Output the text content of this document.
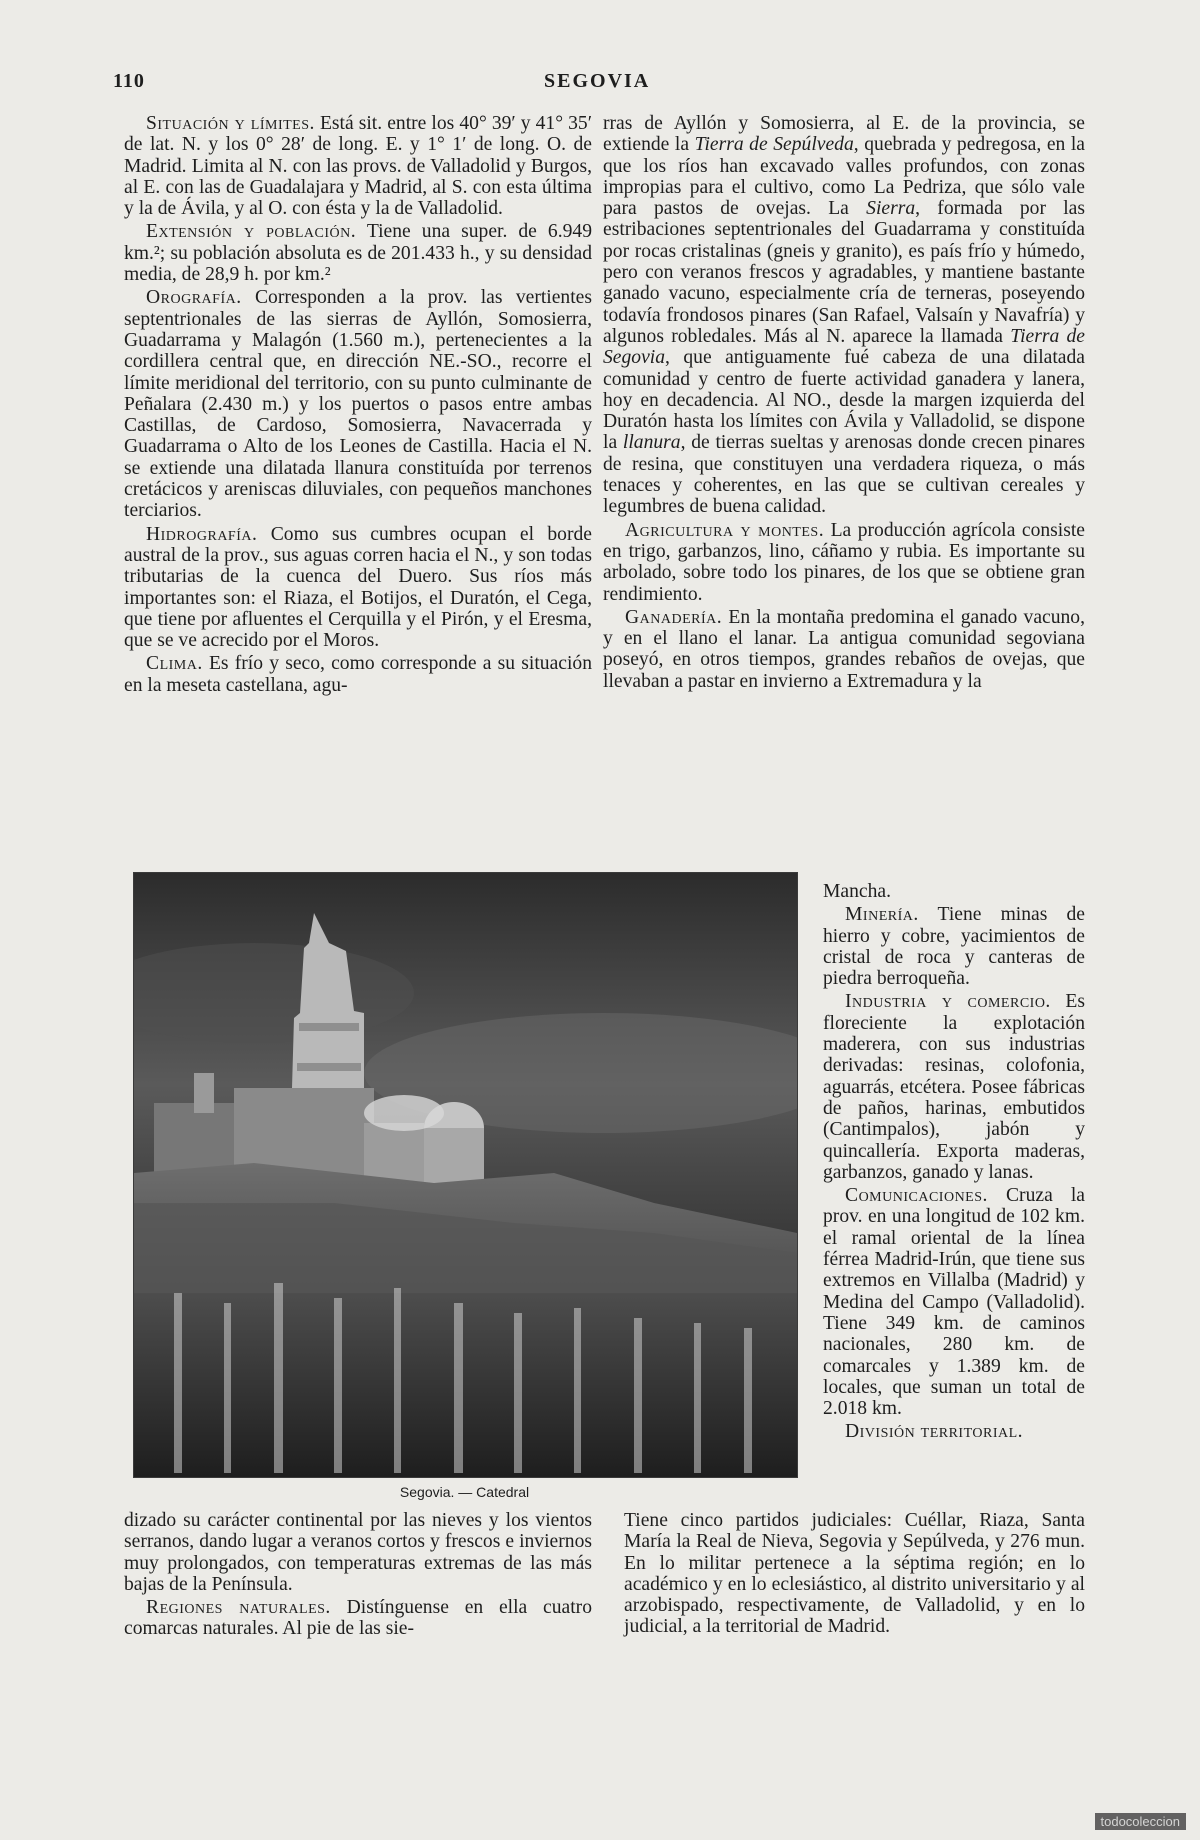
110	SEGOVIA

Situación y límites. Está sit. entre los 40° 39′ y 41° 35′ de lat. N. y los 0° 28′ de long. E. y 1° 1′ de long. O. de Madrid. Limita al N. con las provs. de Valladolid y Burgos, al E. con las de Guadalajara y Madrid, al S. con esta última y la de Ávila, y al O. con ésta y la de Valladolid.

Extensión y población. Tiene una super. de 6.949 km.²; su población absoluta es de 201.433 h., y su densidad media, de 28,9 h. por km.²

Orografía. Corresponden a la prov. las vertientes septentrionales de las sierras de Ayllón, Somosierra, Guadarrama y Malagón (1.560 m.), pertenecientes a la cordillera central que, en dirección NE.-SO., recorre el límite meridional del territorio, con su punto culminante de Peñalara (2.430 m.) y los puertos o pasos entre ambas Castillas, de Cardoso, Somosierra, Navacerrada y Guadarrama o Alto de los Leones de Castilla. Hacia el N. se extiende una dilatada llanura constituída por terrenos cretácicos y areniscas diluviales, con pequeños manchones terciarios.

Hidrografía. Como sus cumbres ocupan el borde austral de la prov., sus aguas corren hacia el N., y son todas tributarias de la cuenca del Duero. Sus ríos más importantes son: el Riaza, el Botijos, el Duratón, el Cega, que tiene por afluentes el Cerquilla y el Pirón, y el Eresma, que se ve acrecido por el Moros.

Clima. Es frío y seco, como corresponde a su situación en la meseta castellana, agu-

rras de Ayllón y Somosierra, al E. de la provincia, se extiende la Tierra de Sepúlveda, quebrada y pedregosa, en la que los ríos han excavado valles profundos, con zonas impropias para el cultivo, como La Pedriza, que sólo vale para pastos de ovejas. La Sierra, formada por las estribaciones septentrionales del Guadarrama y constituída por rocas cristalinas (gneis y granito), es país frío y húmedo, pero con veranos frescos y agradables, y mantiene bastante ganado vacuno, especialmente cría de terneras, poseyendo todavía frondosos pinares (San Rafael, Valsaín y Navafría) y algunos robledales. Más al N. aparece la llamada Tierra de Segovia, que antiguamente fué cabeza de una dilatada comunidad y centro de fuerte actividad ganadera y lanera, hoy en decadencia. Al NO., desde la margen izquierda del Duratón hasta los límites con Ávila y Valladolid, se dispone la llanura, de tierras sueltas y arenosas donde crecen pinares de resina, que constituyen una verdadera riqueza, o más tenaces y coherentes, en las que se cultivan cereales y legumbres de buena calidad.

Agricultura y montes. La producción agrícola consiste en trigo, garbanzos, lino, cáñamo y rubia. Es importante su arbolado, sobre todo los pinares, de los que se obtiene gran rendimiento.

Ganadería. En la montaña predomina el ganado vacuno, y en el llano el lanar. La antigua comunidad segoviana poseyó, en otros tiempos, grandes rebaños de ovejas, que llevaban a pastar en invierno a Extremadura y la

Mancha.

Minería. Tiene minas de hierro y cobre, yacimientos de cristal de roca y canteras de piedra berroqueña.

Industria y comercio. Es floreciente la explotación maderera, con sus industrias derivadas: resinas, colofonia, aguarrás, etcétera. Posee fábricas de paños, harinas, embutidos (Cantimpalos), jabón y quincallería. Exporta maderas, garbanzos, ganado y lanas.

Comunicaciones. Cruza la prov. en una longitud de 102 km. el ramal oriental de la línea férrea Madrid-Irún, que tiene sus extremos en Villalba (Madrid) y Medina del Campo (Valladolid). Tiene 349 km. de caminos nacionales, 280 km. de comarcales y 1.389 km. de locales, que suman un total de 2.018 km.

División territorial.

Segovia. — Catedral

dizado su carácter continental por las nieves y los vientos serranos, dando lugar a veranos cortos y frescos e inviernos muy prolongados, con temperaturas extremas de las más bajas de la Península.

Regiones naturales. Distínguense en ella cuatro comarcas naturales. Al pie de las sie-

Tiene cinco partidos judiciales: Cuéllar, Riaza, Santa María la Real de Nieva, Segovia y Sepúlveda, y 276 mun. En lo militar pertenece a la séptima región; en lo académico y en lo eclesiástico, al distrito universitario y al arzobispado, respectivamente, de Valladolid, y en lo judicial, a la territorial de Madrid.

todocoleccion
